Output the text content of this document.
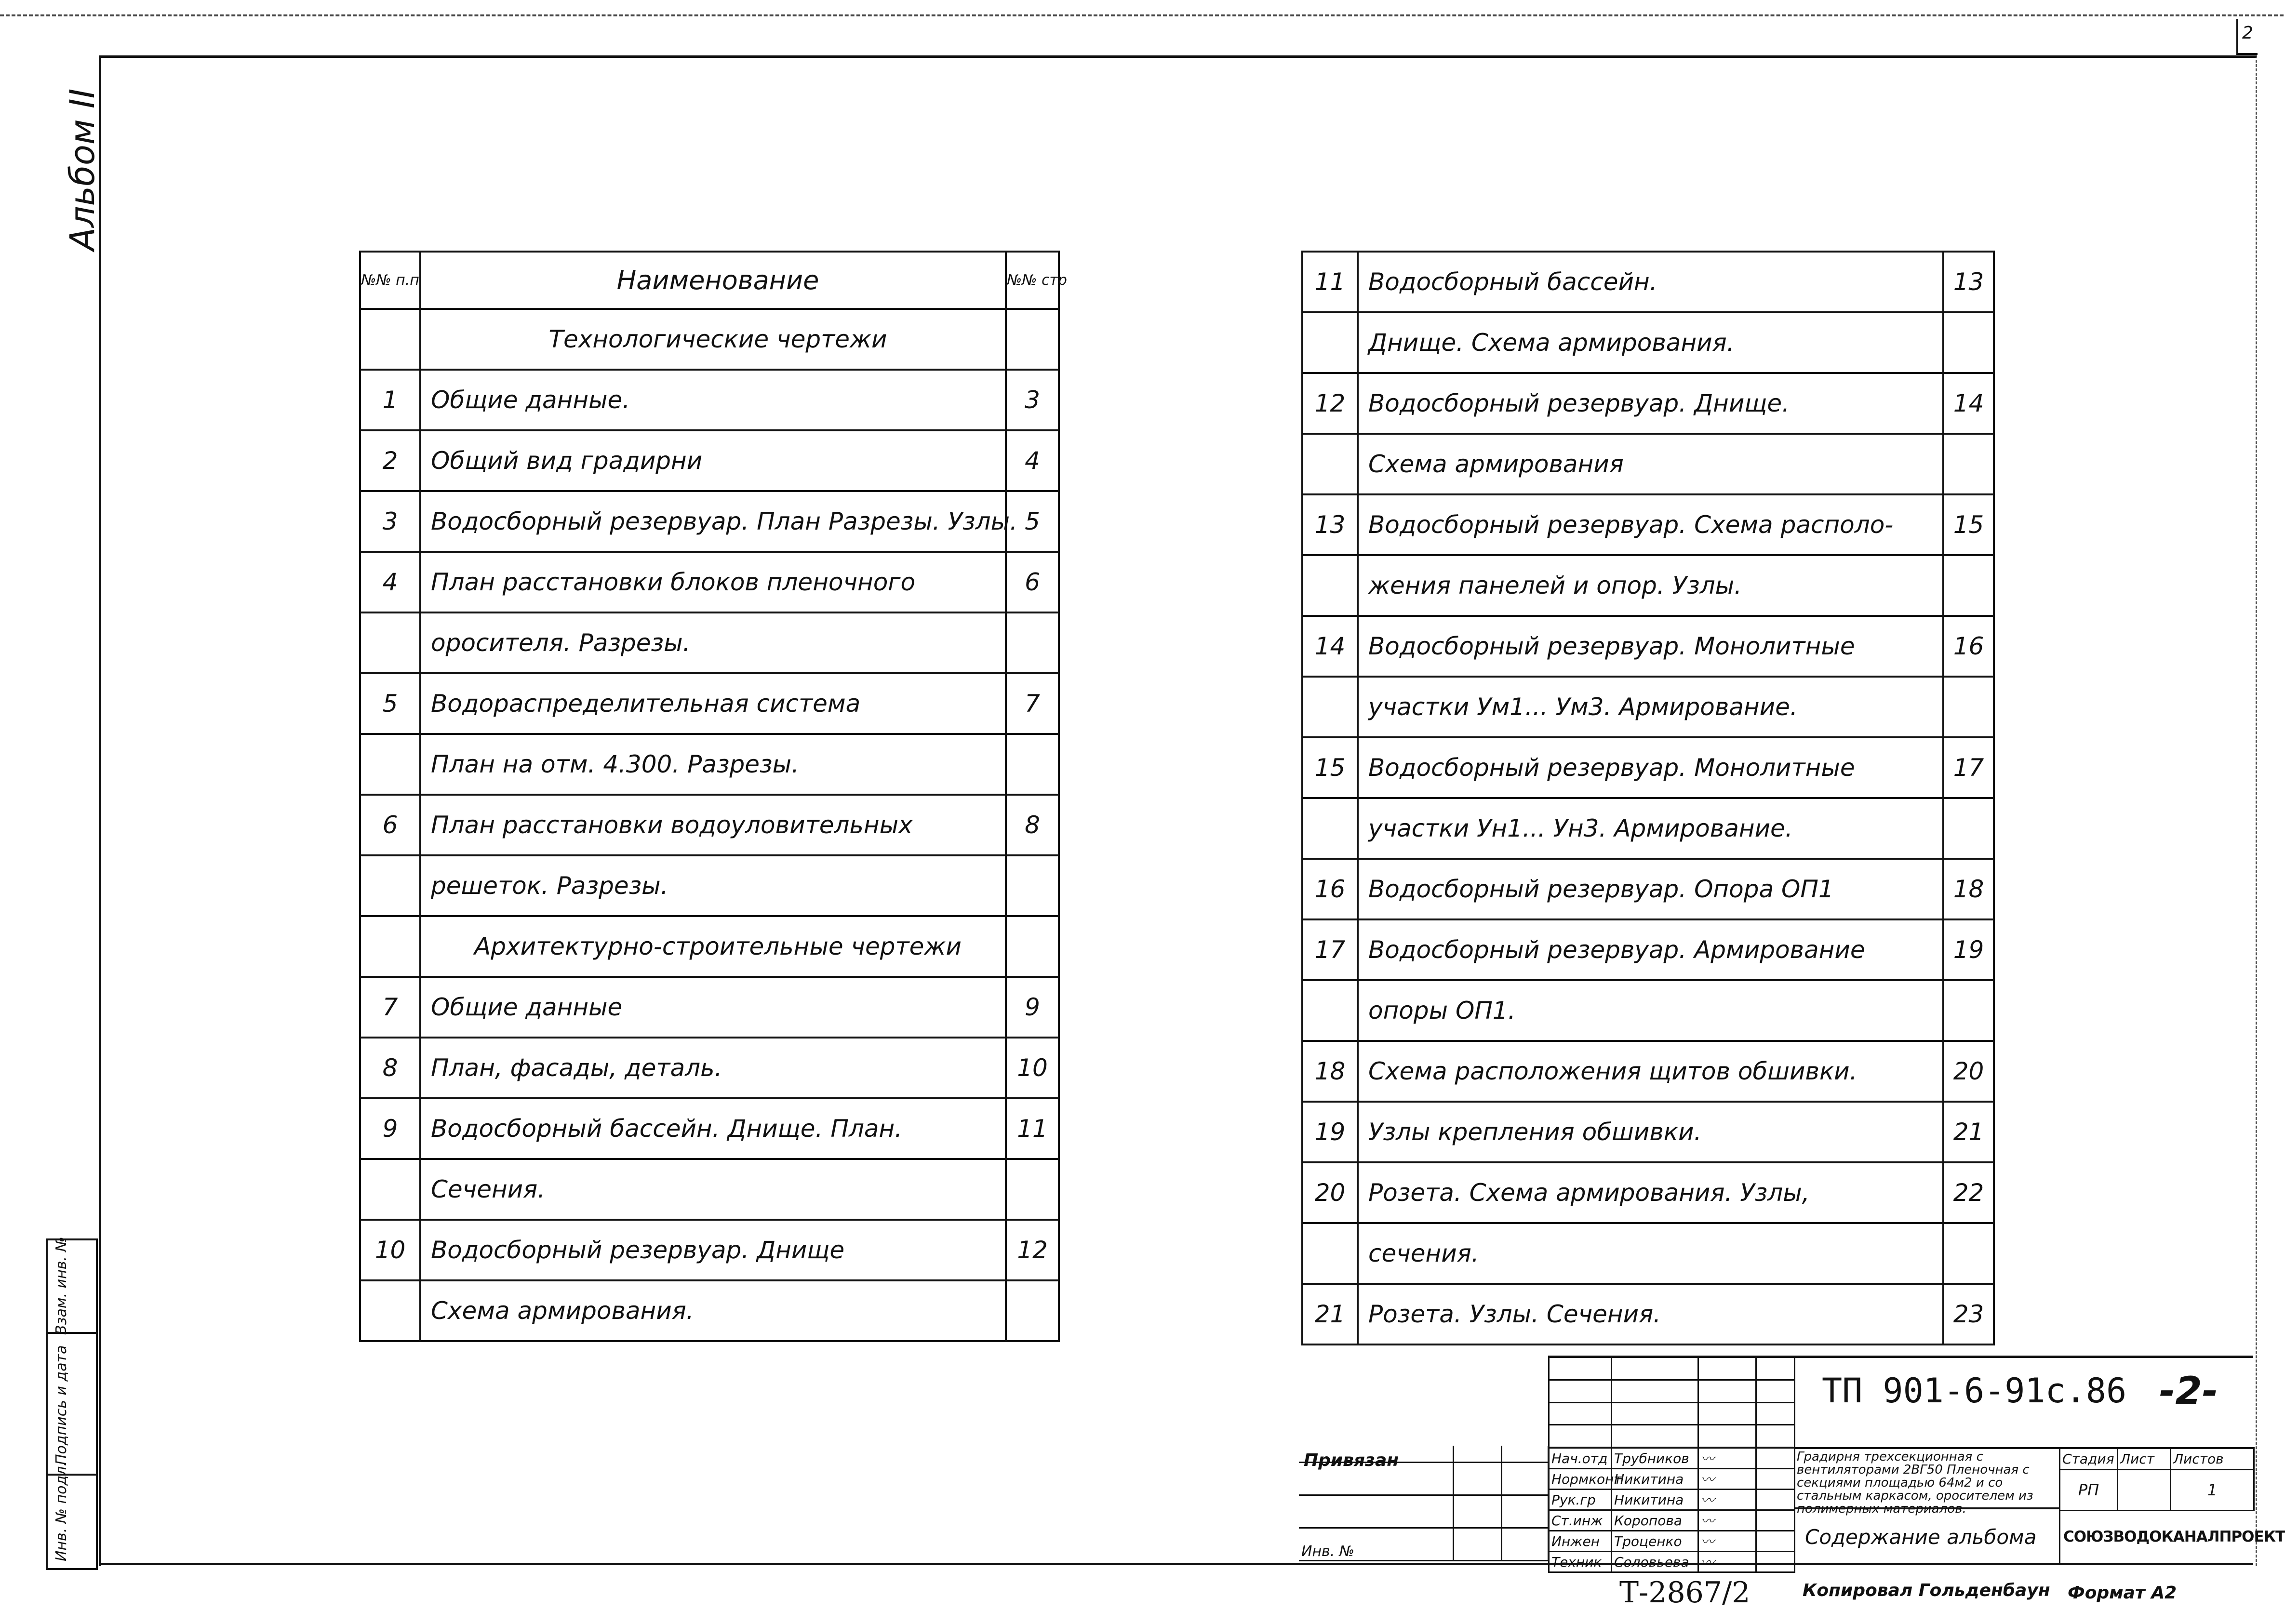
2
Альбом II
Взам. инв. №
Подпись и дата
Инв. № подл.
№№ п.п	Наименование	№№ стр
	Технологические чертежи	
1	Общие данные.	3
2	Общий вид градирни	4
3	Водосборный резервуар. План Разрезы. Узлы.	5
4	План расстановки блоков пленочного	6
	оросителя. Разрезы.	
5	Водораспределительная система	7
	План на отм. 4.300. Разрезы.	
6	План расстановки водоуловительных	8
	решеток. Разрезы.	
	Архитектурно-строительные чертежи	
7	Общие данные	9
8	План, фасады, деталь.	10
9	Водосборный бассейн. Днище. План.	11
	Сечения.	
10	Водосборный резервуар. Днище	12
	Схема армирования.	
11	Водосборный бассейн.	13
	Днище. Схема армирования.	
12	Водосборный резервуар. Днище.	14
	Схема армирования	
13	Водосборный резервуар. Схема располо-	15
	жения панелей и опор. Узлы.	
14	Водосборный резервуар. Монолитные	16
	участки Ум1... Ум3. Армирование.	
15	Водосборный резервуар. Монолитные	17
	участки Ун1... Ун3. Армирование.	
16	Водосборный резервуар. Опора ОП1	18
17	Водосборный резервуар. Армирование	19
	опоры ОП1.	
18	Схема расположения щитов обшивки.	20
19	Узлы крепления обшивки.	21
20	Розета. Схема армирования. Узлы,	22
	сечения.	
21	Розета. Узлы. Сечения.	23

ТП 901-6-91с.86 -2-
Привязан

Инв. №
Нач.отд	Трубников	〰	
Нормконт	Никитина	〰	
Рук.гр	Никитина	〰	
Ст.инж	Коропова	〰	
Инжен	Троценко	〰	
Техник	Соловьева	〰	
Градирня трехсекционная с вентиляторами 2ВГ50 Пленочная с секциями площадью 64м2 и со стальным каркасом, оросителем из полимерных материалов.
Содержание альбома
Стадия	Лист	Листов
РП		1
СОЮЗВОДОКАНАЛПРОЕКТ
Т-2867/2	Копировал Гольденбаун Формат А2
